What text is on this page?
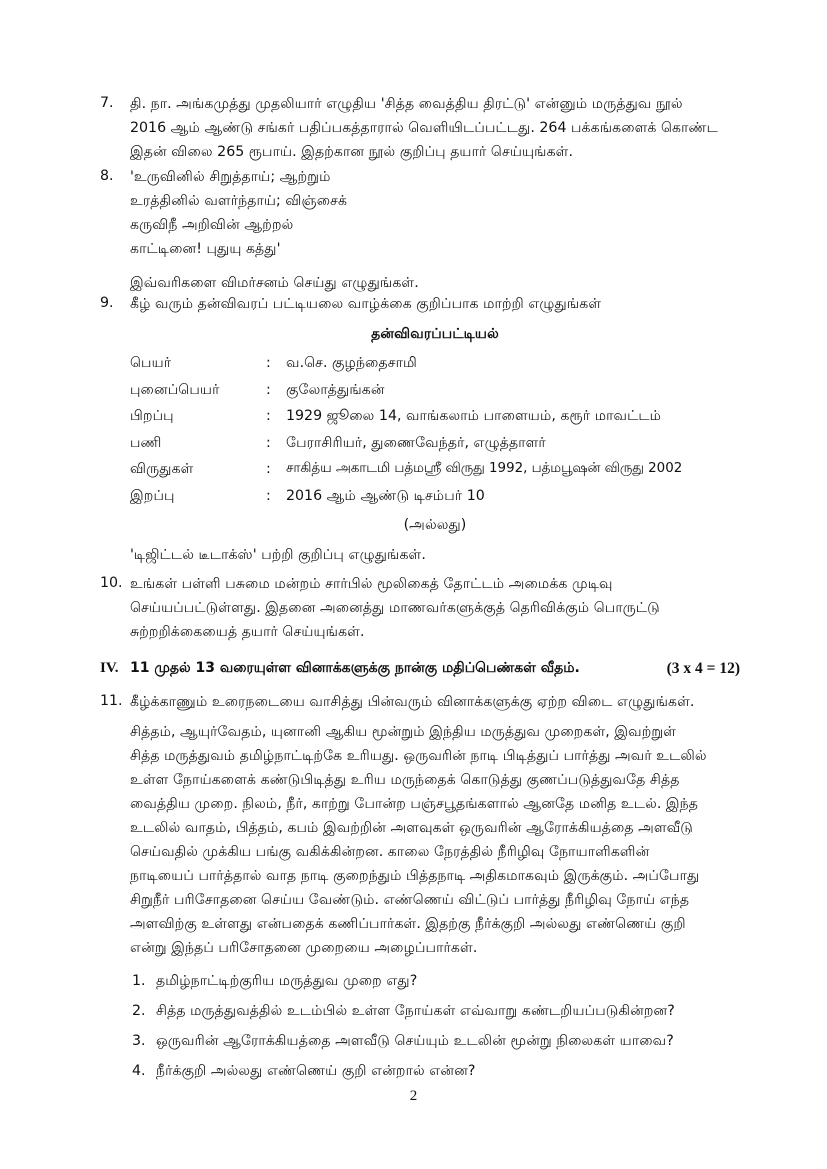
7.	தி. நா. அங்கமுத்து முதலியார் எழுதிய 'சித்த வைத்திய திரட்டு' என்னும் மருத்துவ நூல்

2016 ஆம் ஆண்டு சங்கர் பதிப்பகத்தாரால் வெளியிடப்பட்டது. 264 பக்கங்களைக் கொண்ட

இதன் விலை 265 ரூபாய். இதற்கான நூல் குறிப்பு தயார் செய்யுங்கள்.

8.	'உருவினில் சிறுத்தாய்; ஆற்றும்
உரத்தினில் வளர்ந்தாய்; விஞ்சைக்
கருவிநீ அறிவின் ஆற்றல்
காட்டினை! புதுயு கத்து'
இவ்வரிகளை விமர்சனம் செய்து எழுதுங்கள்.
9.	கீழ் வரும் தன்விவரப் பட்டியலை வாழ்க்கை குறிப்பாக மாற்றி எழுதுங்கள்
தன்விவரப்பட்டியல்
பெயர்	:	வ.செ. குழந்தைசாமி
புனைப்பெயர்	:	குலோத்துங்கன்
பிறப்பு	:	1929 ஜூலை 14, வாங்கலாம் பாளையம், கரூர் மாவட்டம்
பணி	:	பேராசிரியர், துணைவேந்தர், எழுத்தாளர்
விருதுகள்	:	சாகித்ய அகாடமி பத்மஸ்ரீ விருது 1992, பத்மபூஷன் விருது 2002
இறப்பு	:	2016 ஆம் ஆண்டு டிசம்பர் 10
(அல்லது)
'டிஜிட்டல் டீடாக்ஸ்' பற்றி குறிப்பு எழுதுங்கள்.
10. உங்கள் பள்ளி பசுமை மன்றம் சார்பில் மூலிகைத் தோட்டம் அமைக்க முடிவு

செய்யப்பட்டுள்ளது. இதனை அனைத்து மாணவர்களுக்குத் தெரிவிக்கும் பொருட்டு

சுற்றறிக்கையைத் தயார் செய்யுங்கள்.

IV. 11 முதல் 13 வரையுள்ள வினாக்களுக்கு நான்கு மதிப்பெண்கள் வீதம்.	(3 x 4 = 12)
11. கீழ்க்காணும் உரைநடையை வாசித்து பின்வரும் வினாக்களுக்கு ஏற்ற விடை எழுதுங்கள்.

சித்தம், ஆயுர்வேதம், யுனானி ஆகிய மூன்றும் இந்திய மருத்துவ முறைகள், இவற்றுள்

சித்த மருத்துவம் தமிழ்நாட்டிற்கே உரியது. ஒருவரின் நாடி பிடித்துப் பார்த்து அவர் உடலில்

உள்ள நோய்களைக் கண்டுபிடித்து உரிய மருந்தைக் கொடுத்து குணப்படுத்துவதே சித்த

வைத்திய முறை. நிலம், நீர், காற்று போன்ற பஞ்சபூதங்களால் ஆனதே மனித உடல். இந்த

உடலில் வாதம், பித்தம், கபம் இவற்றின் அளவுகள் ஒருவரின் ஆரோக்கியத்தை அளவீடு

செய்வதில் முக்கிய பங்கு வகிக்கின்றன. காலை நேரத்தில் நீரிழிவு நோயாளிகளின்

நாடியைப் பார்த்தால் வாத நாடி குறைந்தும் பித்தநாடி அதிகமாகவும் இருக்கும். அப்போது

சிறுநீர் பரிசோதனை செய்ய வேண்டும். எண்ணெய் விட்டுப் பார்த்து நீரிழிவு நோய் எந்த

அளவிற்கு உள்ளது என்பதைக் கணிப்பார்கள். இதற்கு நீர்க்குறி அல்லது எண்ணெய் குறி

என்று இந்தப் பரிசோதனை முறையை அழைப்பார்கள்.

1. தமிழ்நாட்டிற்குரிய மருத்துவ முறை எது?
2. சித்த மருத்துவத்தில் உடம்பில் உள்ள நோய்கள் எவ்வாறு கண்டறியப்படுகின்றன?
3. ஒருவரின் ஆரோக்கியத்தை அளவீடு செய்யும் உடலின் மூன்று நிலைகள் யாவை?
4. நீர்க்குறி அல்லது எண்ணெய் குறி என்றால் என்ன?
2
